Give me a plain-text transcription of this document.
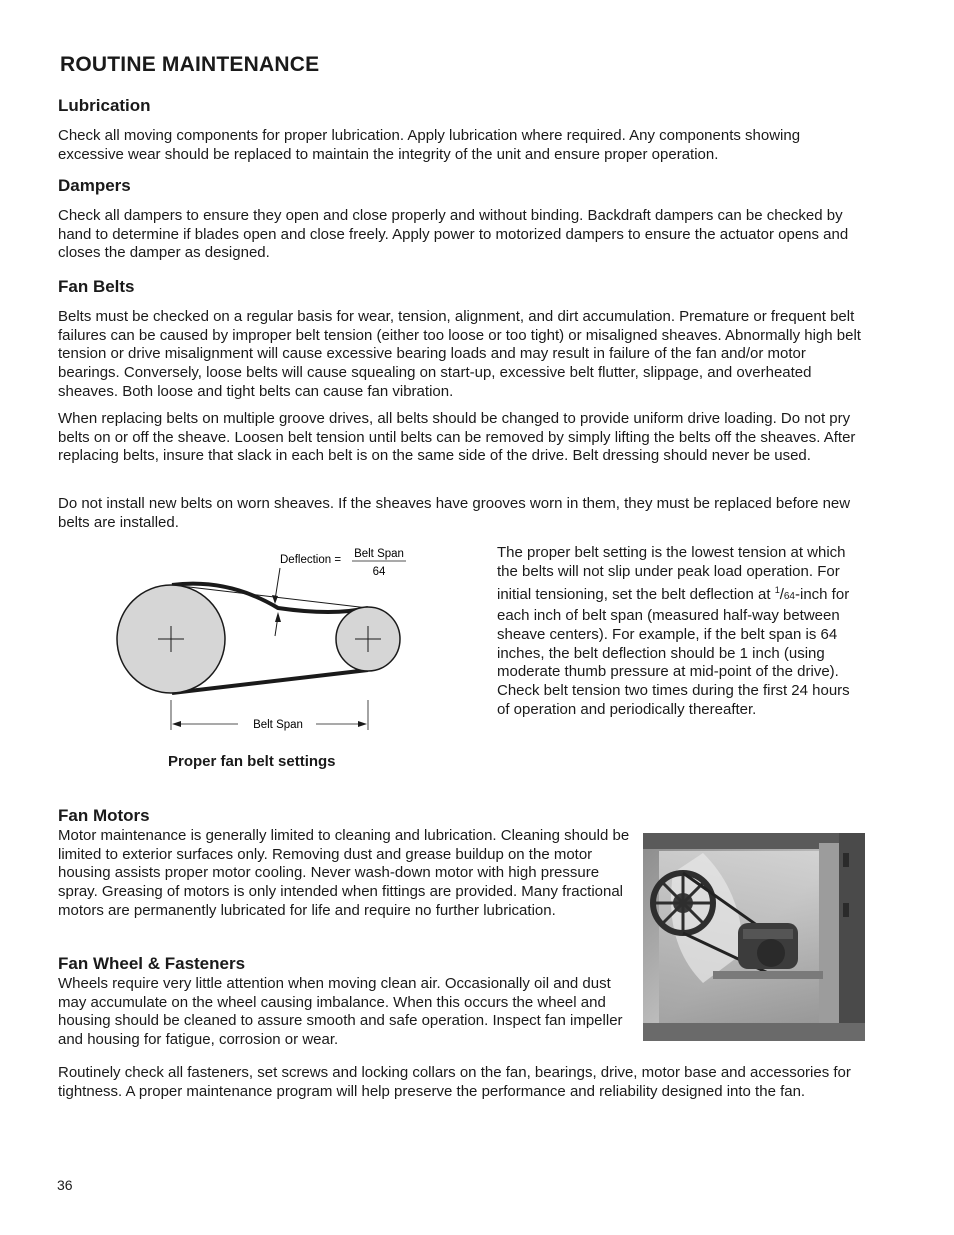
ROUTINE MAINTENANCE
Lubrication

Check all moving components for proper lubrication. Apply lubrication where required. Any components showing excessive wear should be replaced to maintain the integrity of the unit and ensure proper operation.

Dampers

Check all dampers to ensure they open and close properly and without binding. Backdraft dampers can be checked by hand to determine if blades open and close freely. Apply power to motorized dampers to ensure the actuator opens and closes the damper as designed.

Fan Belts

Belts must be checked on a regular basis for wear, tension, alignment, and dirt accumulation. Premature or frequent belt failures can be caused by improper belt tension (either too loose or too tight) or misaligned sheaves. Abnormally high belt tension or drive misalignment will cause excessive bearing loads and may result in failure of the fan and/or motor bearings. Conversely, loose belts will cause squealing on start-up, excessive belt flutter, slippage, and overheated sheaves. Both loose and tight belts can cause fan vibration.

When replacing belts on multiple groove drives, all belts should be changed to provide uniform drive loading. Do not pry belts on or off the sheave. Loosen belt tension until belts can be removed by simply lifting the belts off the sheaves. After replacing belts, insure that slack in each belt is on the same side of the drive. Belt dressing should never be used.

Do not install new belts on worn sheaves. If the sheaves have grooves worn in them, they must be replaced before new belts are installed.

Deflection = Belt Span
64
Belt Span
Proper fan belt settings
The proper belt setting is the lowest tension at which the belts will not slip under peak load operation. For initial tensioning, set the belt deflection at $^1$/64-inch for each inch of belt span (measured half-way between sheave centers). For example, if the belt span is 64 inches, the belt deflection should be 1 inch (using moderate thumb pressure at mid-point of the drive). Check belt tension two times during the first 24 hours of operation and periodically thereafter.
Fan Motors

Motor maintenance is generally limited to cleaning and lubrication. Cleaning should be limited to exterior surfaces only. Removing dust and grease buildup on the motor housing assists proper motor cooling. Never wash-down motor with high pressure spray. Greasing of motors is only intended when fittings are provided. Many fractional motors are permanently lubricated for life and require no further lubrication.

Fan Wheel & Fasteners

Wheels require very little attention when moving clean air. Occasionally oil and dust may accumulate on the wheel causing imbalance. When this occurs the wheel and housing should be cleaned to assure smooth and safe operation. Inspect fan impeller and housing for fatigue, corrosion or wear.

Routinely check all fasteners, set screws and locking collars on the fan, bearings, drive, motor base and accessories for tightness. A proper maintenance program will help preserve the performance and reliability designed into the fan.

36
